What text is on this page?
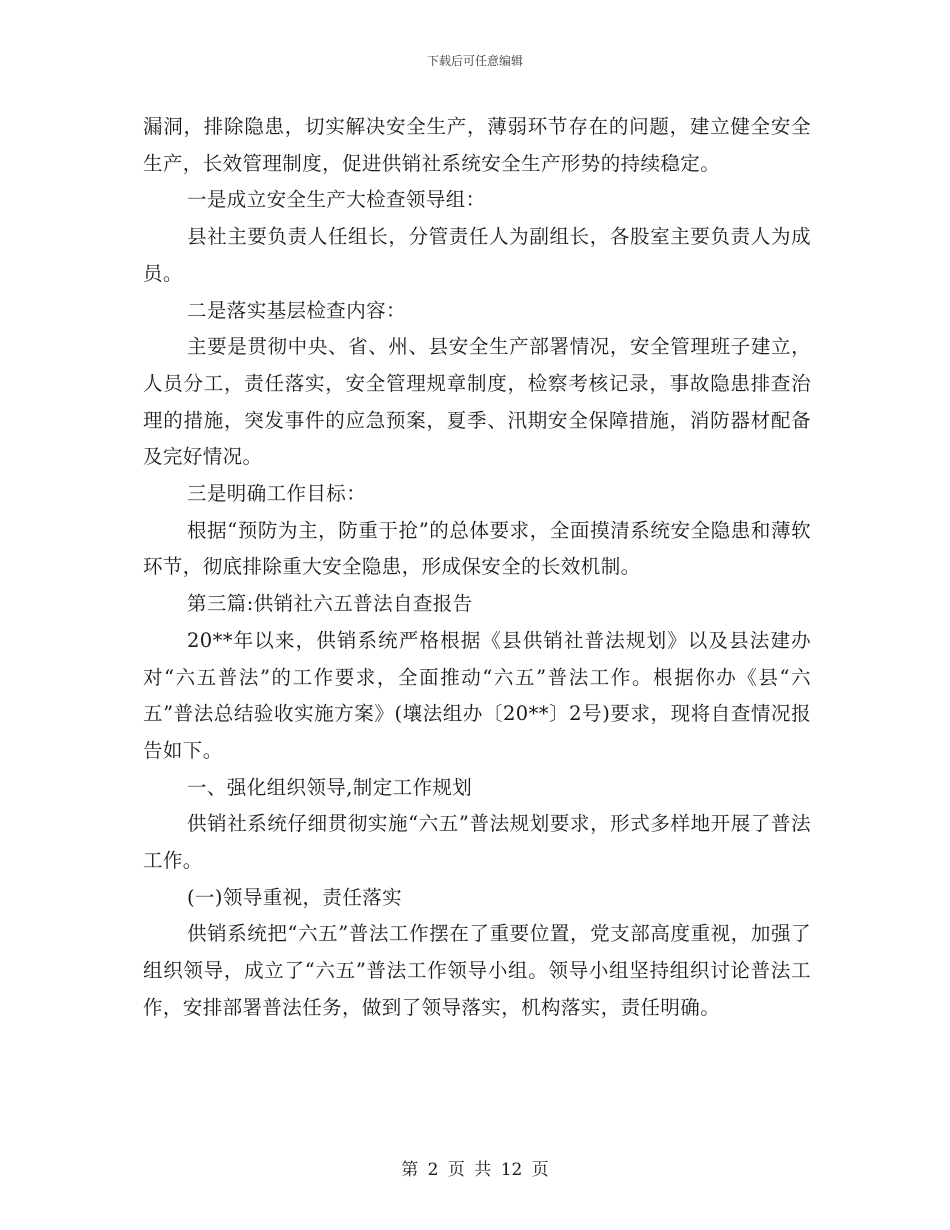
下载后可任意编辑

漏洞，排除隐患，切实解决安全生产，薄弱环节存在的问题，建立健全安全生产，长效管理制度，促进供销社系统安全生产形势的持续稳定。

一是成立安全生产大检查领导组：

县社主要负责人任组长，分管责任人为副组长，各股室主要负责人为成员。

二是落实基层检查内容：

主要是贯彻中央、省、州、县安全生产部署情况，安全管理班子建立，人员分工，责任落实，安全管理规章制度，检察考核记录，事故隐患排查治理的措施，突发事件的应急预案，夏季、汛期安全保障措施，消防器材配备及完好情况。

三是明确工作目标：

根据“预防为主，防重于抢”的总体要求，全面摸清系统安全隐患和薄软环节，彻底排除重大安全隐患，形成保安全的长效机制。

第三篇:供销社六五普法自查报告

20**年以来，供销系统严格根据《县供销社普法规划》以及县法建办对“六五普法”的工作要求，全面推动“六五”普法工作。根据你办《县“六五”普法总结验收实施方案》(壤法组办〔20**〕2号)要求，现将自查情况报告如下。

一、强化组织领导,制定工作规划

供销社系统仔细贯彻实施“六五”普法规划要求，形式多样地开展了普法工作。

(一)领导重视，责任落实

供销系统把“六五”普法工作摆在了重要位置，党支部高度重视，加强了组织领导，成立了“六五”普法工作领导小组。领导小组坚持组织讨论普法工作，安排部署普法任务，做到了领导落实，机构落实，责任明确。

第 2 页 共 12 页
